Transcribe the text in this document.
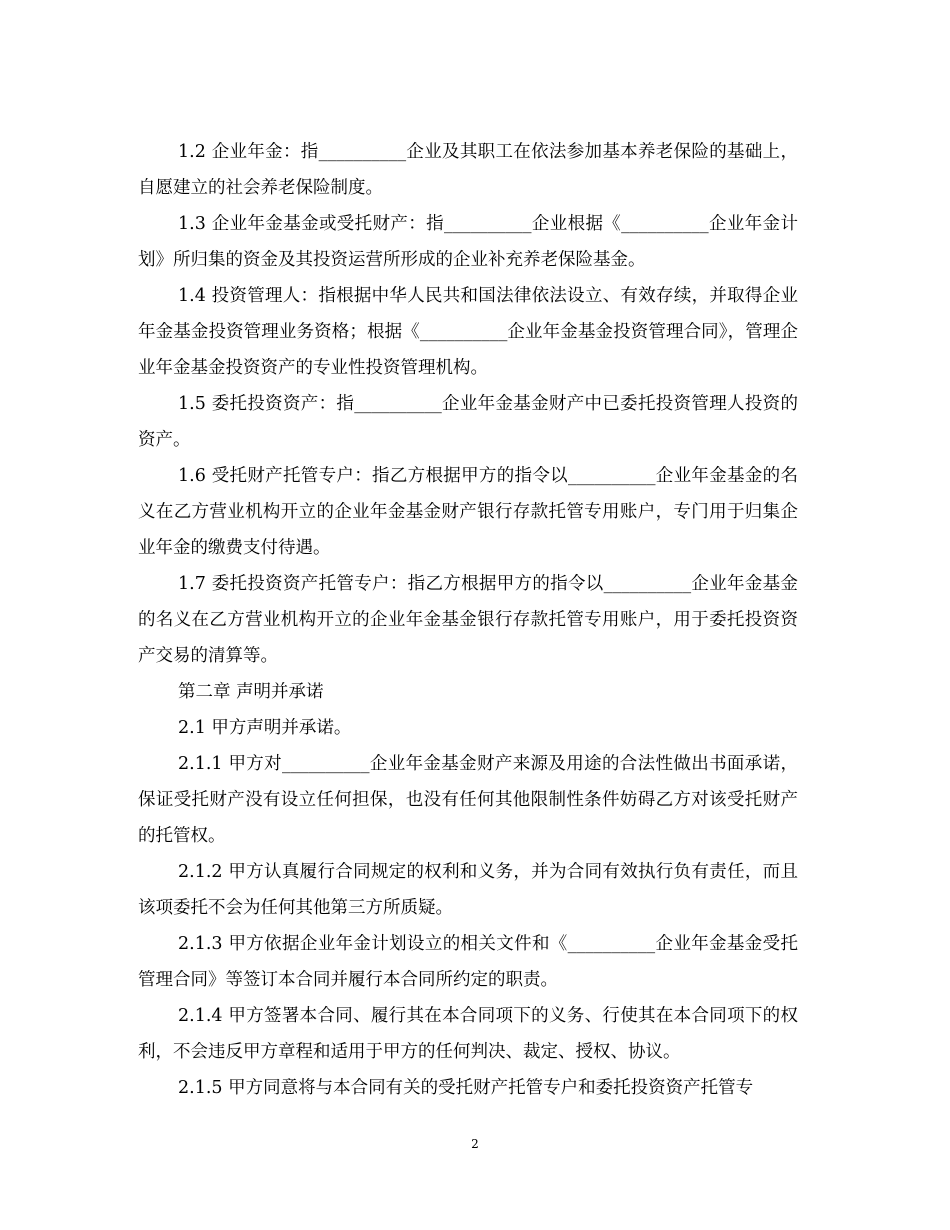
1.2 企业年金：指__________企业及其职工在依法参加基本养老保险的基础上，自愿建立的社会养老保险制度。

1.3 企业年金基金或受托财产：指__________企业根据《__________企业年金计划》所归集的资金及其投资运营所形成的企业补充养老保险基金。

1.4 投资管理人：指根据中华人民共和国法律依法设立、有效存续，并取得企业年金基金投资管理业务资格；根据《__________企业年金基金投资管理合同》，管理企业年金基金投资资产的专业性投资管理机构。

1.5 委托投资资产：指__________企业年金基金财产中已委托投资管理人投资的资产。

1.6 受托财产托管专户：指乙方根据甲方的指令以__________企业年金基金的名义在乙方营业机构开立的企业年金基金财产银行存款托管专用账户，专门用于归集企业年金的缴费支付待遇。

1.7 委托投资资产托管专户：指乙方根据甲方的指令以__________企业年金基金的名义在乙方营业机构开立的企业年金基金银行存款托管专用账户，用于委托投资资产交易的清算等。

第二章 声明并承诺

2.1 甲方声明并承诺。

2.1.1 甲方对__________企业年金基金财产来源及用途的合法性做出书面承诺，保证受托财产没有设立任何担保，也没有任何其他限制性条件妨碍乙方对该受托财产的托管权。

2.1.2 甲方认真履行合同规定的权利和义务，并为合同有效执行负有责任，而且该项委托不会为任何其他第三方所质疑。

2.1.3 甲方依据企业年金计划设立的相关文件和《__________企业年金基金受托管理合同》等签订本合同并履行本合同所约定的职责。

2.1.4 甲方签署本合同、履行其在本合同项下的义务、行使其在本合同项下的权利，不会违反甲方章程和适用于甲方的任何判决、裁定、授权、协议。

2.1.5 甲方同意将与本合同有关的受托财产托管专户和委托投资资产托管专

2
